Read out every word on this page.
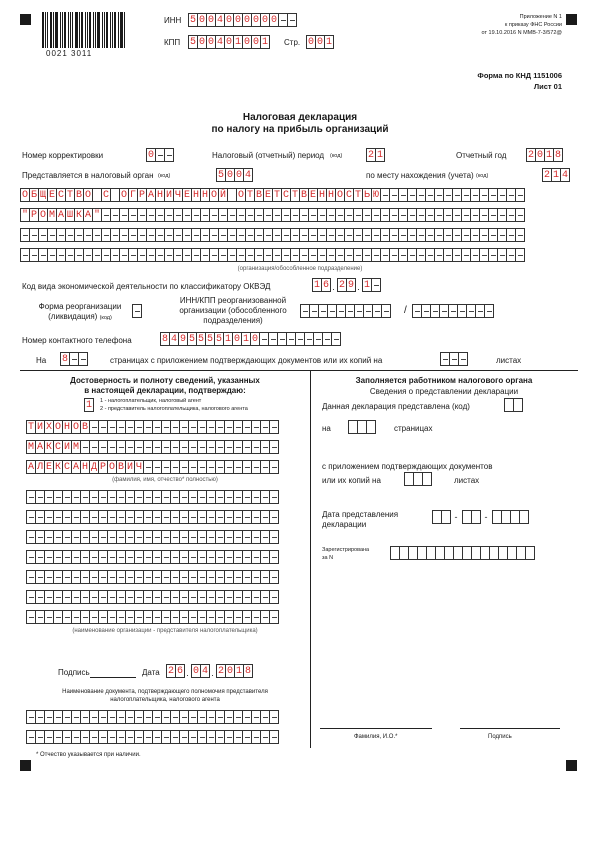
0021 3011
ИНН 5 0 0 4 0 0 0 0 0 0
КПП 5 0 0 4 0 1 0 0 1 Стр. 0 0 1
Приложение N 1
к приказу ФНС России
от 19.10.2016 N ММВ-7-3/572@
Форма по КНД 1151006
Лист 01
Налоговая декларация
по налогу на прибыль организаций
Номер корректировки	0	Налоговый (отчетный) период (код)	2 1	Отчетный год 2 0 1 8
Представляется в налоговый орган (код)	5 0 0 4	по месту нахождения (учета) (код)	2 1 4
О Б Щ Е С Т В О С О Г Р А Н И Ч Е Н Н О Й О Т В Е Т С Т В Е Н Н О С Т Ь Ю
" Р О М А Ш К А "
(организация/обособленное подразделение)
Код вида экономической деятельности по классификатору ОКВЭД	1 6 . 2 9 . 1
Форма реорганизации
(ликвидация) (код)
ИНН/КПП реорганизованной
организации (обособленного
подразделения)
/
Номер контактного телефона	8 4 9 5 5 5 5 1 0 1 0
На 8	страницах с приложением подтверждающих документов или их копий на	листах
Достоверность и полноту сведений, указанных
в настоящей декларации, подтверждаю:
1	1 - налогоплательщик, налоговый агент
2 - представитель налогоплательщика, налогового агента
Т И Х О Н О В
М А К С И М
А Л Е К С А Н Д Р О В И Ч
(фамилия, имя, отчество* полностью)
(наименование организации - представителя налогоплательщика)
Подпись	Дата 2 6 . 0 4 . 2 0 1 8
Наименование документа, подтверждающего полномочия представителя
налогоплательщика, налогового агента
* Отчество указывается при наличии.
Заполняется работником налогового органа
Сведения о представлении декларации
Данная декларация представлена (код)
на	страницах
с приложением подтверждающих документов
или их копий на	листах
Дата представления
декларации
-	-
Зарегистрирована
за N
Фамилия, И.О.*	Подпись
